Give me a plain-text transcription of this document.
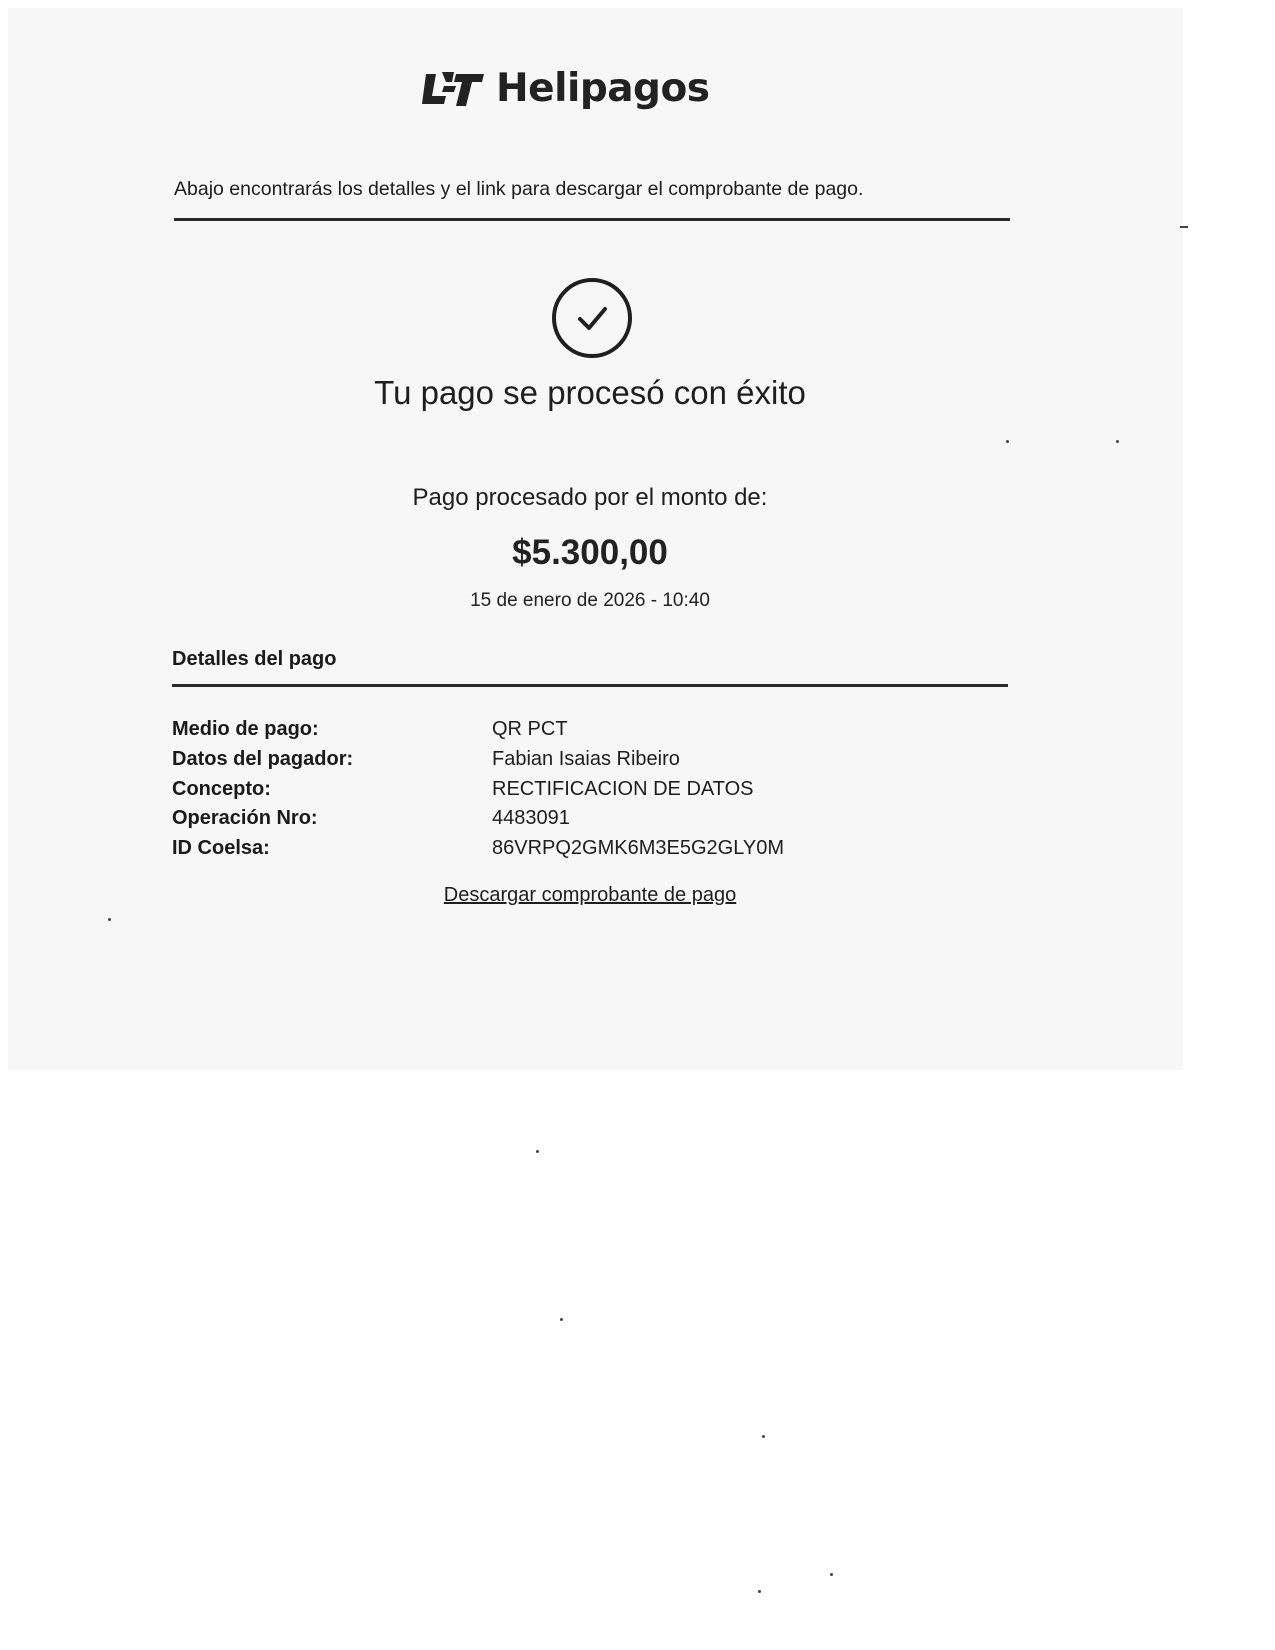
Helipagos
Abajo encontrarás los detalles y el link para descargar el comprobante de pago.
Tu pago se procesó con éxito
Pago procesado por el monto de:
$5.300,00
15 de enero de 2026 - 10:40
Detalles del pago
Medio de pago:	QR PCT
Datos del pagador:	Fabian Isaias Ribeiro
Concepto:	RECTIFICACION DE DATOS
Operación Nro:	4483091
ID Coelsa:	86VRPQ2GMK6M3E5G2GLY0M
Descargar comprobante de pago
